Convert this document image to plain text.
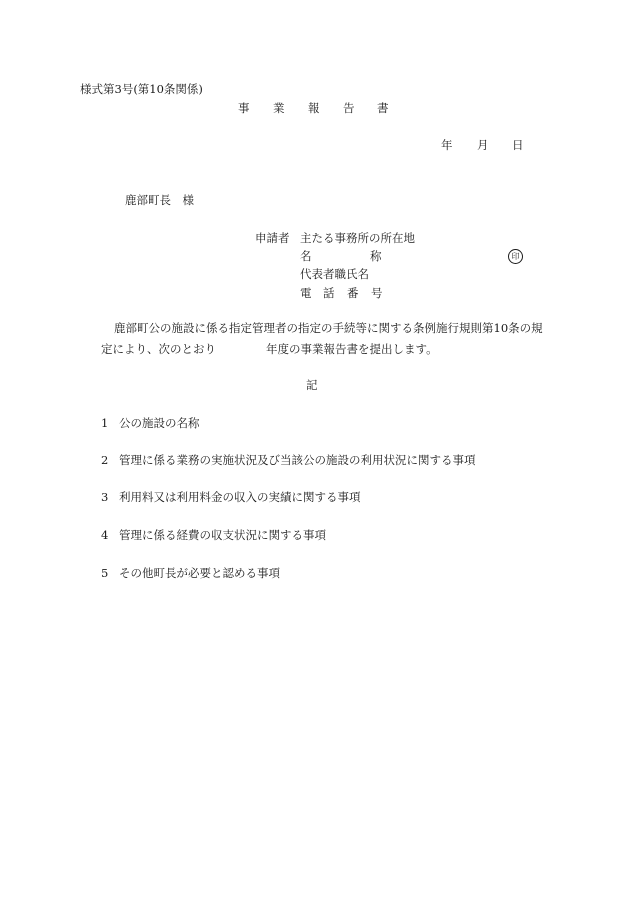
様式第3号(第10条関係)
事 業 報 告 書
年 月 日
鹿部町長　様
申請者 主たる事務所の所在地
名	称	印
代表者職氏名
電 話 番 号
鹿部町公の施設に係る指定管理者の指定の手続等に関する条例施行規則第10条の規
定により、次のとおり	年度の事業報告書を提出します。
記
1 公の施設の名称
2 管理に係る業務の実施状況及び当該公の施設の利用状況に関する事項
3 利用料又は利用料金の収入の実績に関する事項
4 管理に係る経費の収支状況に関する事項
5 その他町長が必要と認める事項
